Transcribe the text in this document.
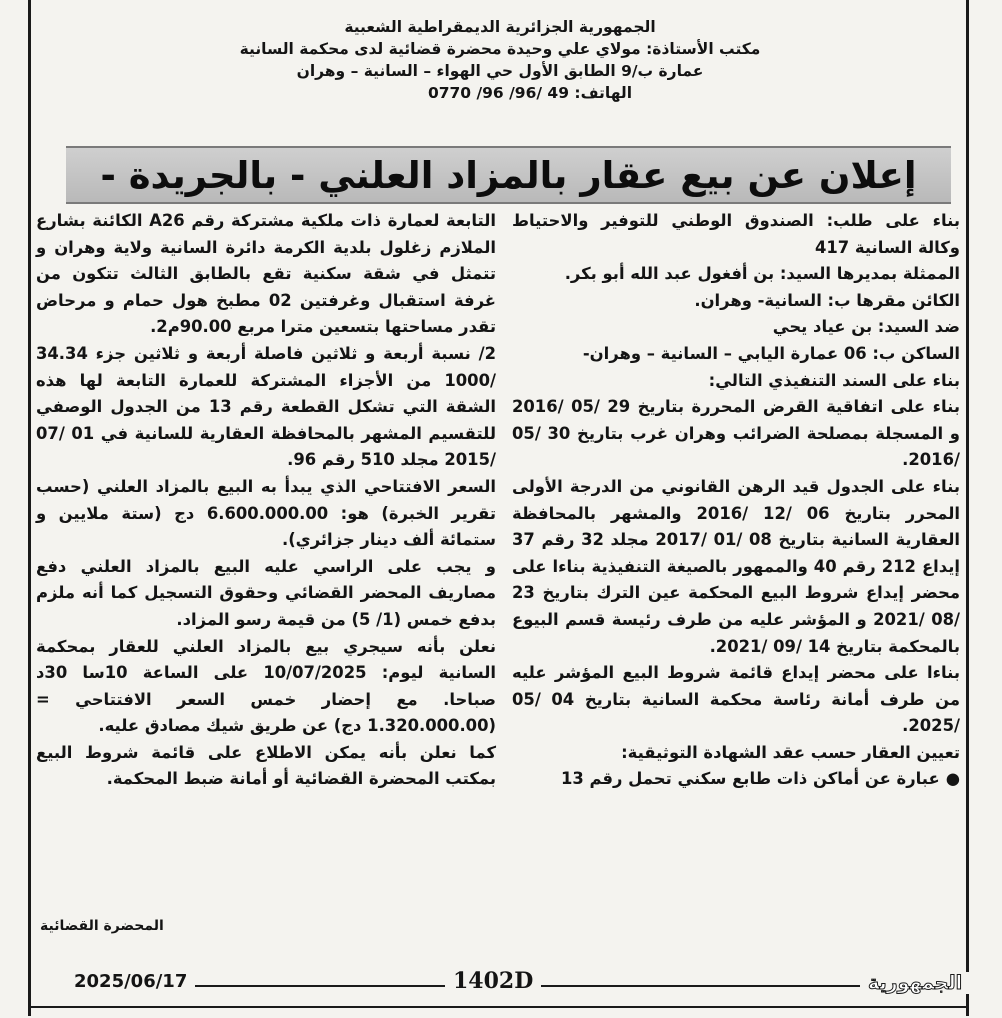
الجمهورية الجزائرية الديمقراطية الشعبية
مكتب الأستاذة: مولاي علي وحيدة محضرة قضائية لدى محكمة السانية
عمارة ب/9 الطابق الأول حي الهواء – السانية – وهران
الهاتف: 49 /96/ 96/ 0770
إعلان عن بيع عقار بالمزاد العلني - بالجريدة -

بناء على طلب: الصندوق الوطني للتوفير والاحتياط وكالة السانية 417

الممثلة بمديرها السيد: بن أفغول عبد الله أبو بكر.

الكائن مقرها ب: السانية- وهران.

ضد السيد: بن عياد يحي

الساكن ب: 06 عمارة اليابي – السانية – وهران-

بناء على السند التنفيذي التالي:

بناء على اتفاقية القرض المحررة بتاريخ 29 /05 /2016 و المسجلة بمصلحة الضرائب وهران غرب بتاريخ 30 /05 /2016.

بناء على الجدول قيد الرهن القانوني من الدرجة الأولى المحرر بتاريخ 06 /12 /2016 والمشهر بالمحافظة العقارية السانية بتاريخ 08 /01 /2017 مجلد 32 رقم 37 إيداع 212 رقم 40 والممهور بالصيغة التنفيذية بناءا على محضر إيداع شروط البيع المحكمة عين الترك بتاريخ 23 /08 /2021 و المؤشر عليه من طرف رئيسة قسم البيوع بالمحكمة بتاريخ 14 /09 /2021.

بناءا على محضر إيداع قائمة شروط البيع المؤشر عليه من طرف أمانة رئاسة محكمة السانية بتاريخ 04 /05 /2025.

تعيين العقار حسب عقد الشهادة التوثيقية:

●عبارة عن أماكن ذات طابع سكني تحمل رقم 13

التابعة لعمارة ذات ملكية مشتركة رقم A26 الكائنة بشارع الملازم زغلول بلدية الكرمة دائرة السانية ولاية وهران و تتمثل في شقة سكنية تقع بالطابق الثالث تتكون من غرفة استقبال وغرفتين 02 مطبخ هول حمام و مرحاض تقدر مساحتها بتسعين مترا مربع 90.00م2.

2/ نسبة أربعة و ثلاثين فاصلة أربعة و ثلاثين جزء 34.34 /1000 من الأجزاء المشتركة للعمارة التابعة لها هذه الشقة التي تشكل القطعة رقم 13 من الجدول الوصفي للتقسيم المشهر بالمحافظة العقارية للسانية في 01 /07 /2015 مجلد 510 رقم 96.

السعر الافتتاحي الذي يبدأ به البيع بالمزاد العلني (حسب تقرير الخبرة) هو: 6.600.000.00 دج (ستة ملايين و ستمائة ألف دينار جزائري).

و يجب على الراسي عليه البيع بالمزاد العلني دفع مصاريف المحضر القضائي وحقوق التسجيل كما أنه ملزم بدفع خمس (1/ 5) من قيمة رسو المزاد.

نعلن بأنه سيجري بيع بالمزاد العلني للعقار بمحكمة السانية ليوم: 10/07/2025 على الساعة 10سا 30د صباحا. مع إحضار خمس السعر الافتتاحي = (1.320.000.00 دج) عن طريق شيك مصادق عليه.

كما نعلن بأنه يمكن الاطلاع على قائمة شروط البيع بمكتب المحضرة القضائية أو أمانة ضبط المحكمة.

المحضرة القضائية
2025/06/17	1402D	الجمهورية
